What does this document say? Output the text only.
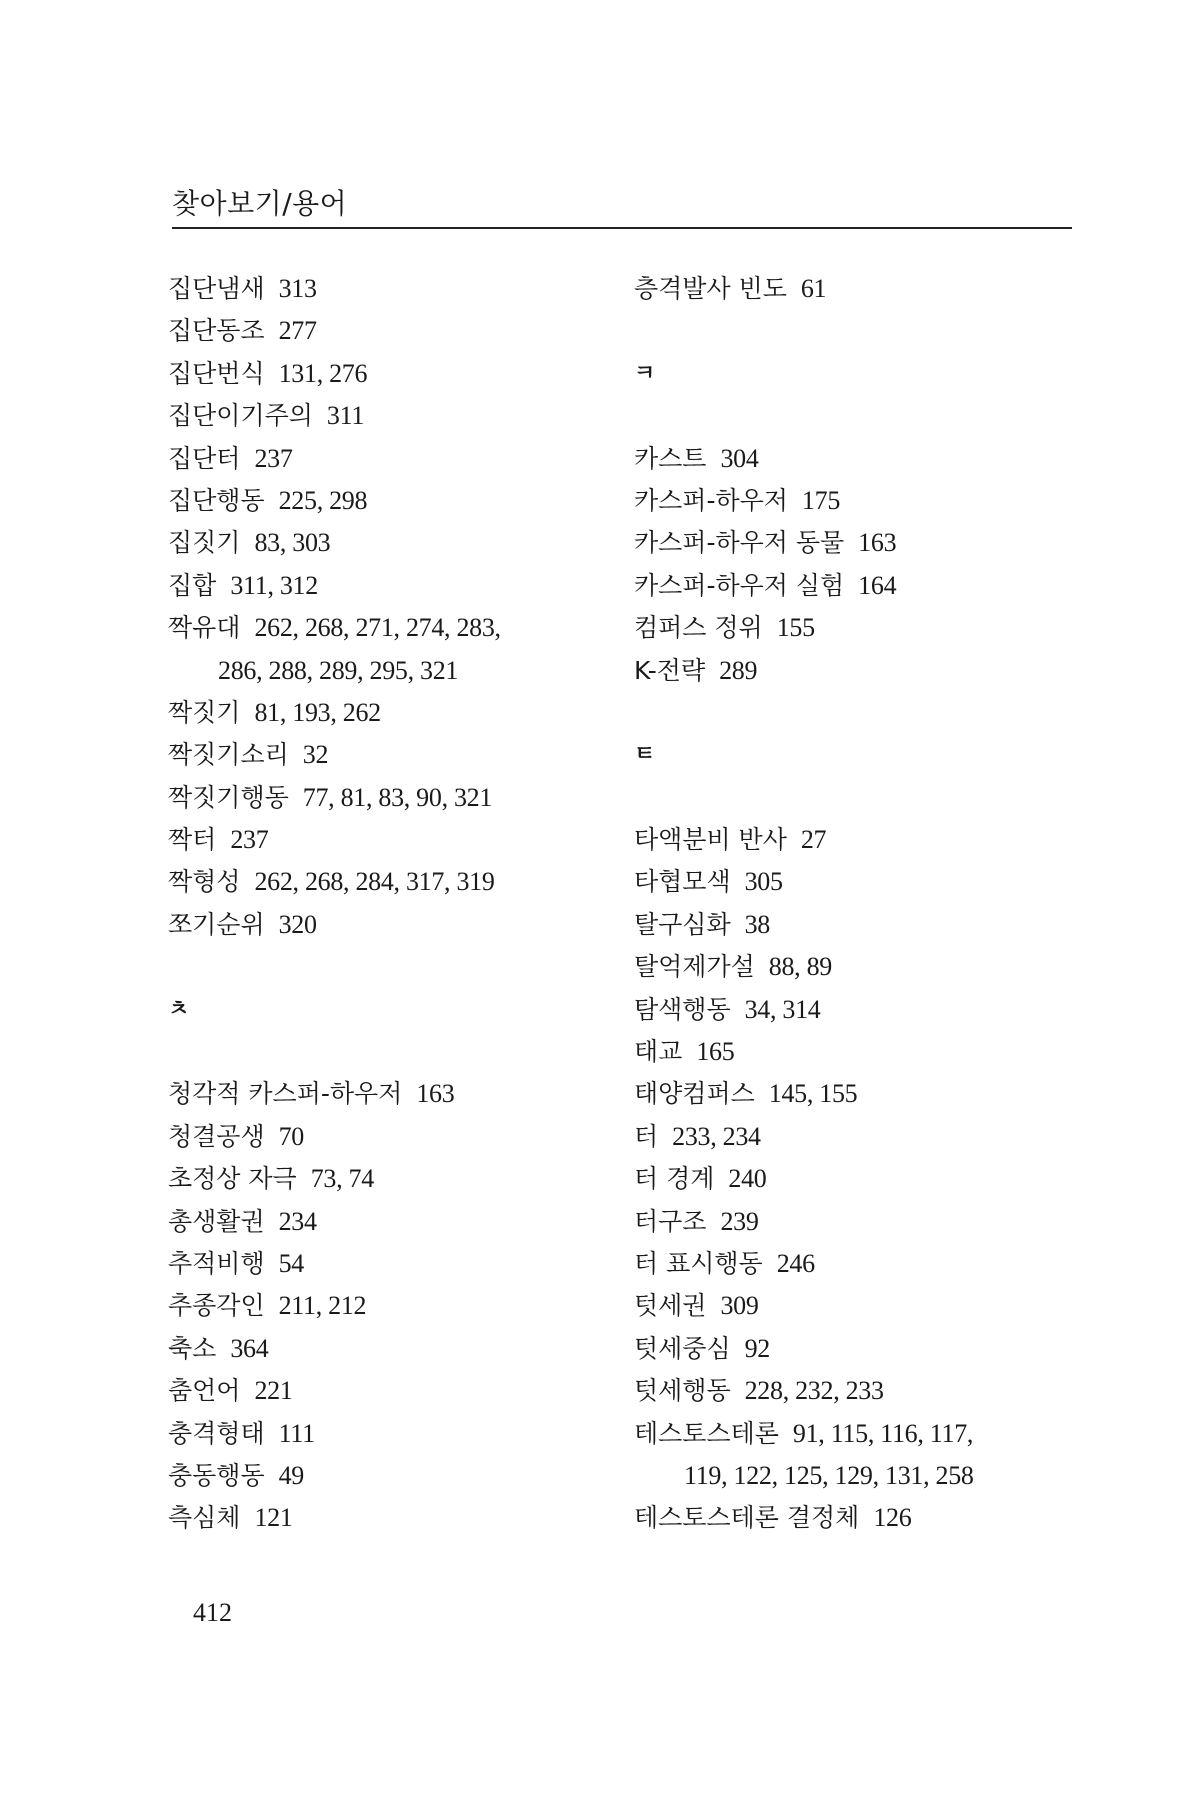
찾아보기/용어
집단냄새 313
집단동조 277
집단번식 131, 276
집단이기주의 311
집단터 237
집단행동 225, 298
집짓기 83, 303
집합 311, 312
짝유대 262, 268, 271, 274, 283,
286, 288, 289, 295, 321
짝짓기 81, 193, 262
짝짓기소리 32
짝짓기행동 77, 81, 83, 90, 321
짝터 237
짝형성 262, 268, 284, 317, 319
쪼기순위 320
ㅊ
청각적 카스퍼-하우저 163
청결공생 70
초정상 자극 73, 74
총생활권 234
추적비행 54
추종각인 211, 212
축소 364
춤언어 221
충격형태 111
충동행동 49
측심체 121
층격발사 빈도 61
ㅋ
카스트 304
카스퍼-하우저 175
카스퍼-하우저 동물 163
카스퍼-하우저 실험 164
컴퍼스 정위 155
K-전략 289
ㅌ
타액분비 반사 27
타협모색 305
탈구심화 38
탈억제가설 88, 89
탐색행동 34, 314
태교 165
태양컴퍼스 145, 155
터 233, 234
터 경계 240
터구조 239
터 표시행동 246
텃세권 309
텃세중심 92
텃세행동 228, 232, 233
테스토스테론 91, 115, 116, 117,
119, 122, 125, 129, 131, 258
테스토스테론 결정체 126
412
